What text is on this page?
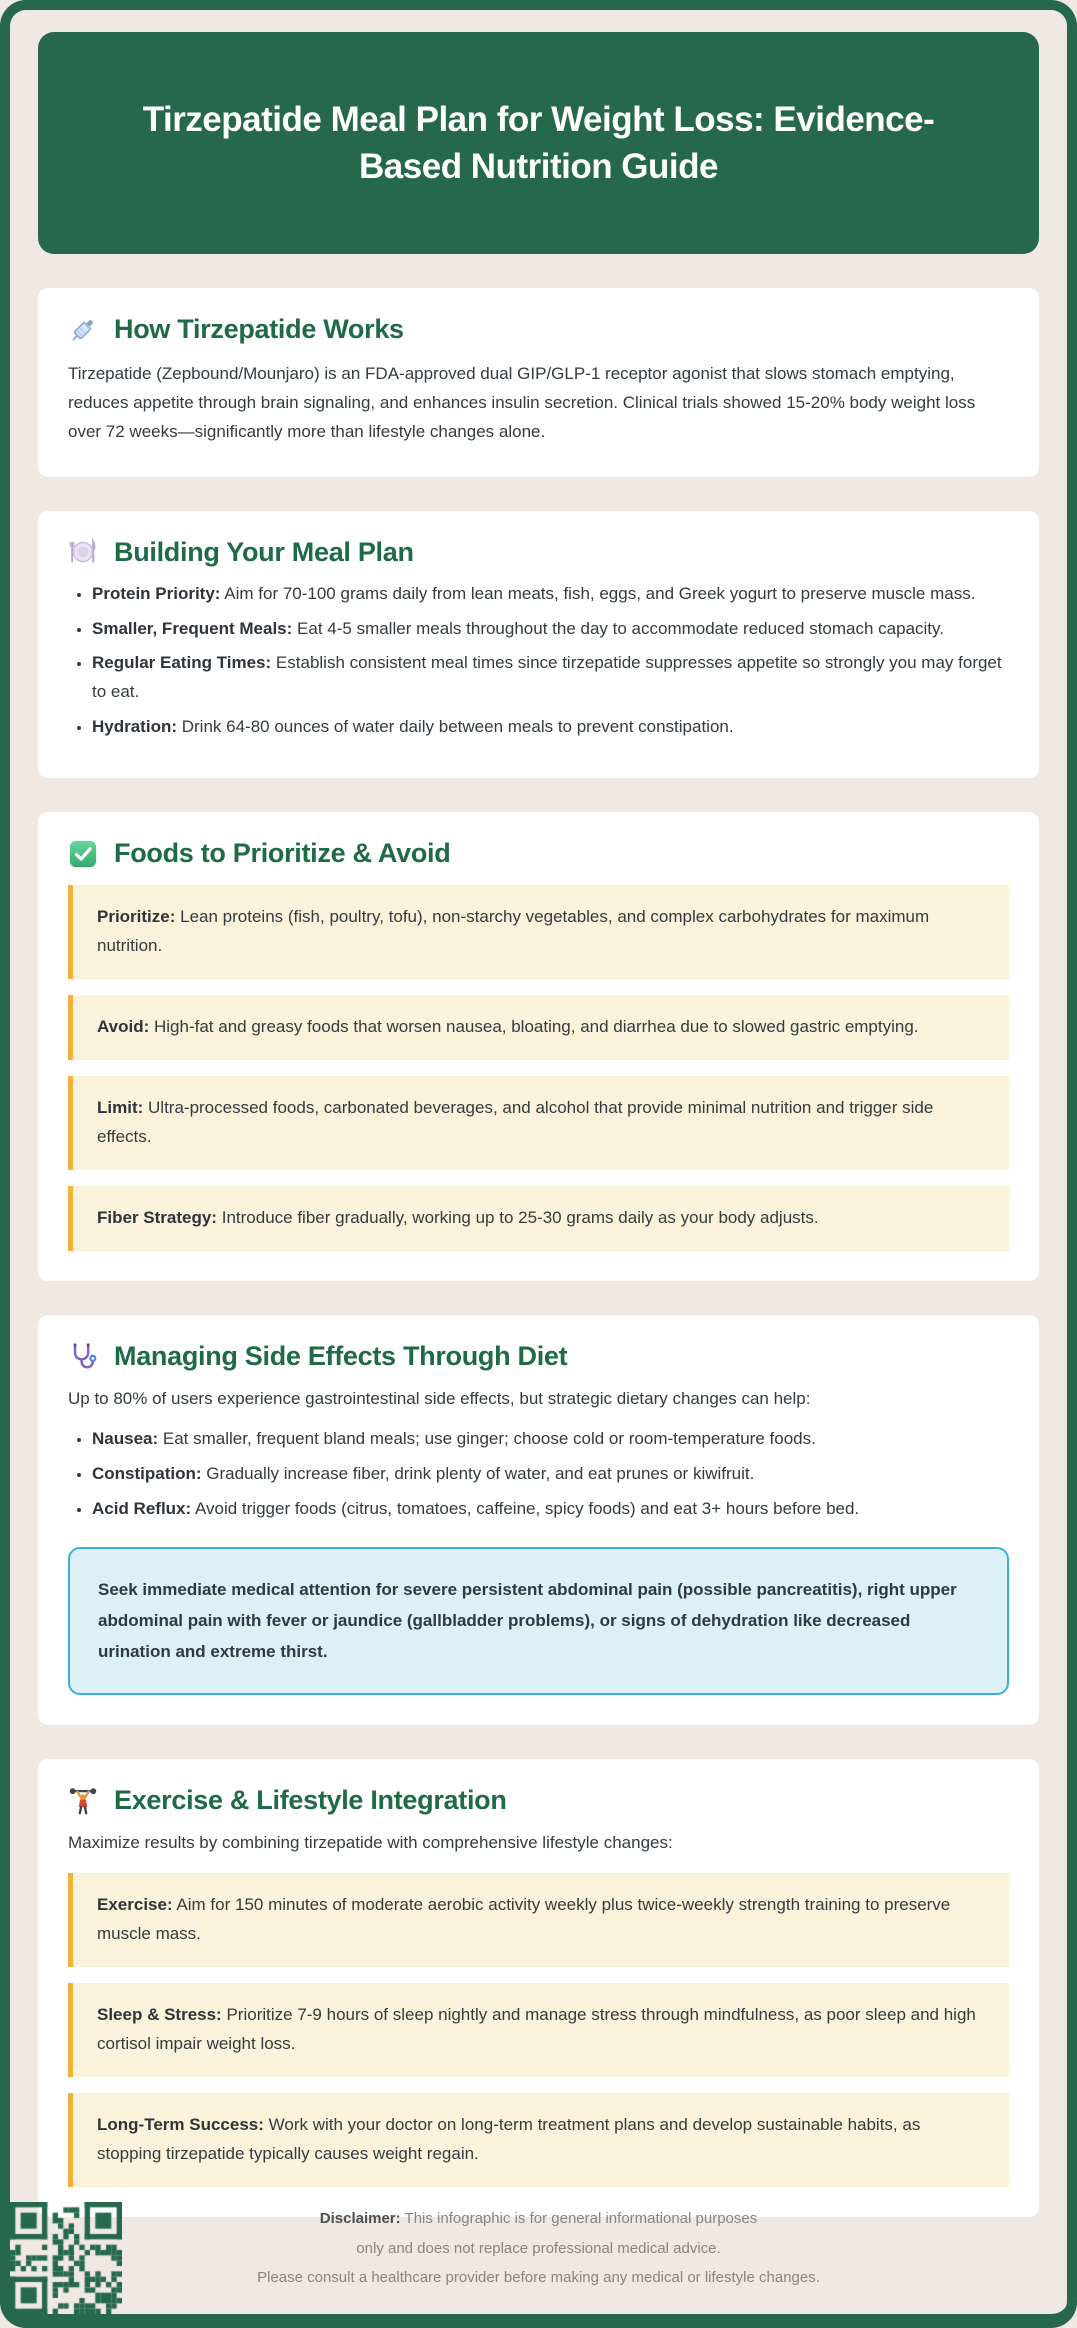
Tirzepatide Meal Plan for Weight Loss: Evidence-Based Nutrition Guide
How Tirzepatide Works

Tirzepatide (Zepbound/Mounjaro) is an FDA-approved dual GIP/GLP-1 receptor agonist that slows stomach emptying, reduces appetite through brain signaling, and enhances insulin secretion. Clinical trials showed 15-20% body weight loss over 72 weeks—significantly more than lifestyle changes alone.

Building Your Meal Plan
• Protein Priority: Aim for 70-100 grams daily from lean meats, fish, eggs, and Greek yogurt to preserve muscle mass.
• Smaller, Frequent Meals: Eat 4-5 smaller meals throughout the day to accommodate reduced stomach capacity.
• Regular Eating Times: Establish consistent meal times since tirzepatide suppresses appetite so strongly you may forget to eat.
• Hydration: Drink 64-80 ounces of water daily between meals to prevent constipation.
Foods to Prioritize & Avoid
Prioritize: Lean proteins (fish, poultry, tofu), non-starchy vegetables, and complex carbohydrates for maximum nutrition.
Avoid: High-fat and greasy foods that worsen nausea, bloating, and diarrhea due to slowed gastric emptying.
Limit: Ultra-processed foods, carbonated beverages, and alcohol that provide minimal nutrition and trigger side effects.
Fiber Strategy: Introduce fiber gradually, working up to 25-30 grams daily as your body adjusts.
Managing Side Effects Through Diet

Up to 80% of users experience gastrointestinal side effects, but strategic dietary changes can help:

• Nausea: Eat smaller, frequent bland meals; use ginger; choose cold or room-temperature foods.
• Constipation: Gradually increase fiber, drink plenty of water, and eat prunes or kiwifruit.
• Acid Reflux: Avoid trigger foods (citrus, tomatoes, caffeine, spicy foods) and eat 3+ hours before bed.
Seek immediate medical attention for severe persistent abdominal pain (possible pancreatitis), right upper abdominal pain with fever or jaundice (gallbladder problems), or signs of dehydration like decreased urination and extreme thirst.
Exercise & Lifestyle Integration

Maximize results by combining tirzepatide with comprehensive lifestyle changes:

Exercise: Aim for 150 minutes of moderate aerobic activity weekly plus twice-weekly strength training to preserve muscle mass.
Sleep & Stress: Prioritize 7-9 hours of sleep nightly and manage stress through mindfulness, as poor sleep and high cortisol impair weight loss.
Long-Term Success: Work with your doctor on long-term treatment plans and develop sustainable habits, as stopping tirzepatide typically causes weight regain.
Disclaimer: This infographic is for general informational purposes
only and does not replace professional medical advice.
Please consult a healthcare provider before making any medical or lifestyle changes.
